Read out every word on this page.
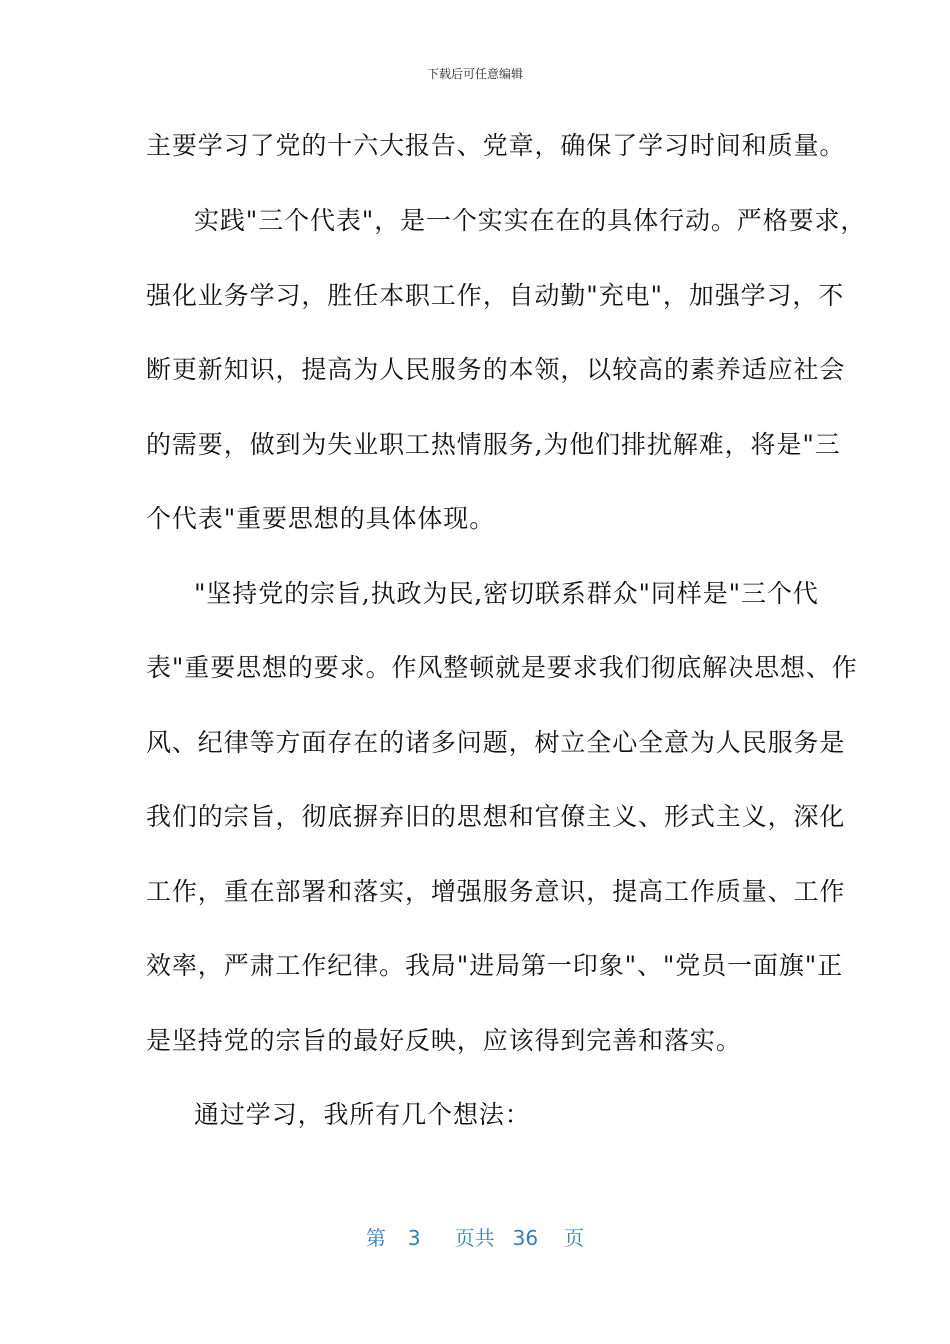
下载后可任意编辑
主要学习了党的十六大报告、党章，确保了学习时间和质量。
实践"三个代表"，是一个实实在在的具体行动。严格要求，
强化业务学习，胜任本职工作，自动勤"充电"，加强学习，不
断更新知识，提高为人民服务的本领，以较高的素养适应社会
的需要，做到为失业职工热情服务,为他们排扰解难，将是"三
个代表"重要思想的具体体现。
"坚持党的宗旨,执政为民,密切联系群众"同样是"三个代
表"重要思想的要求。作风整顿就是要求我们彻底解决思想、作
风、纪律等方面存在的诸多问题，树立全心全意为人民服务是
我们的宗旨，彻底摒弃旧的思想和官僚主义、形式主义，深化
工作，重在部署和落实，增强服务意识，提高工作质量、工作
效率，严肃工作纪律。我局"进局第一印象"、"党员一面旗"正
是坚持党的宗旨的最好反映，应该得到完善和落实。
通过学习，我所有几个想法：
第 3 页共 36 页
